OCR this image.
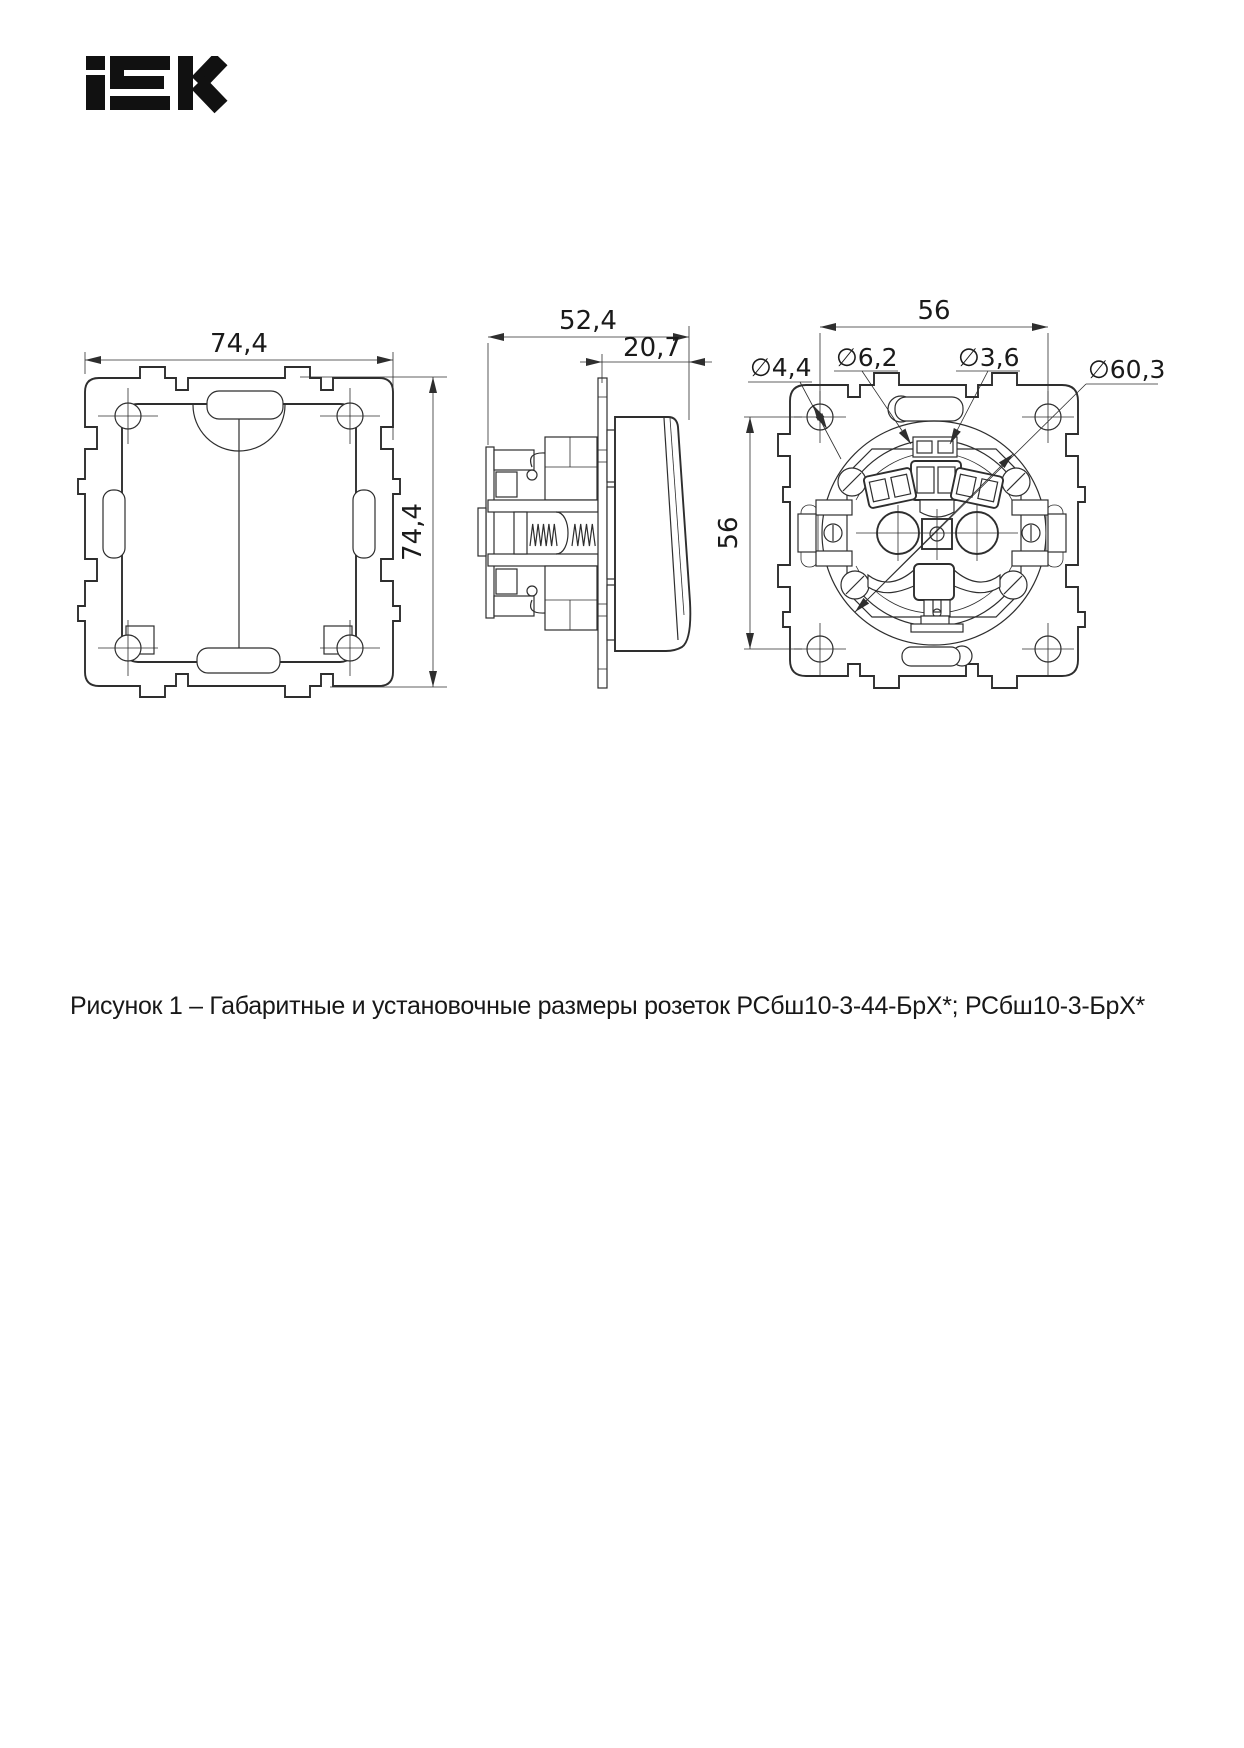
74,4
74,4
52,4
20,7
56
56
∅4,4 ∅6,2 ∅3,6	∅60,3
Рисунок 1 – Габаритные и установочные размеры розеток РСбш10-3-44-БрХ*; РСбш10-3-БрХ*
